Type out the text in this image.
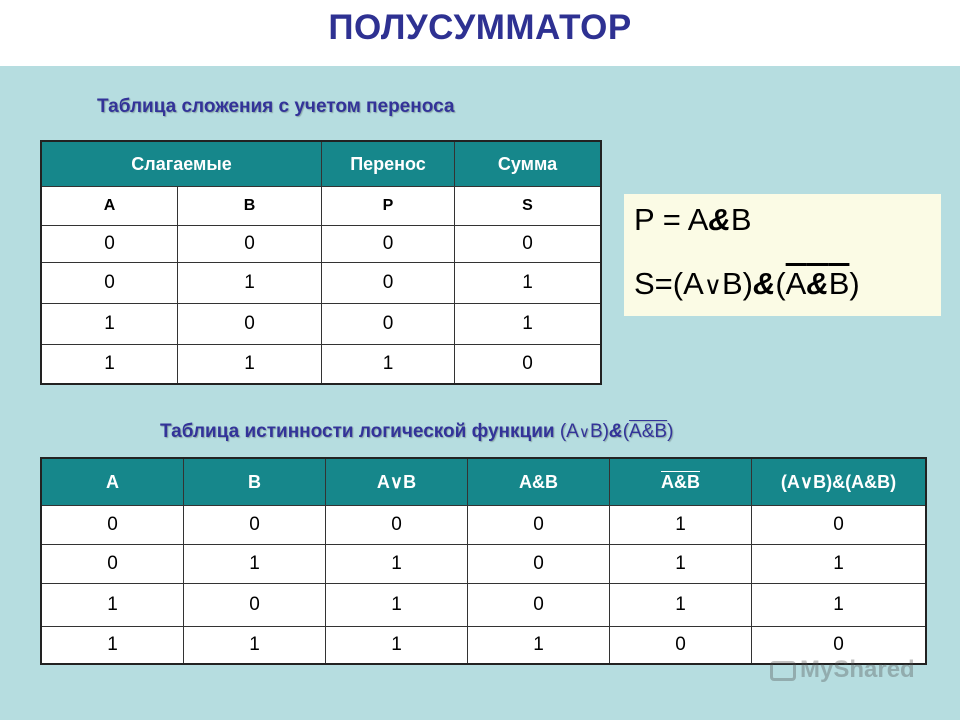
ПОЛУСУММАТОР
Таблица сложения с учетом переноса
Слагаемые		Перенос	Сумма
A	B	P	S
0	0	0	0
0	1	0	1
1	0	0	1
1	1	1	0
P = A&B
S=(A∨B)&(A&B)
Таблица истинности логической функции (A∨B)&(A&B)
A	B	A∨B	A&B	A&B	(A∨B)&(A&B)
0	0	0	0	1	0
0	1	1	0	1	1
1	0	1	0	1	1
1	1	1	1	0	0
MyShared
